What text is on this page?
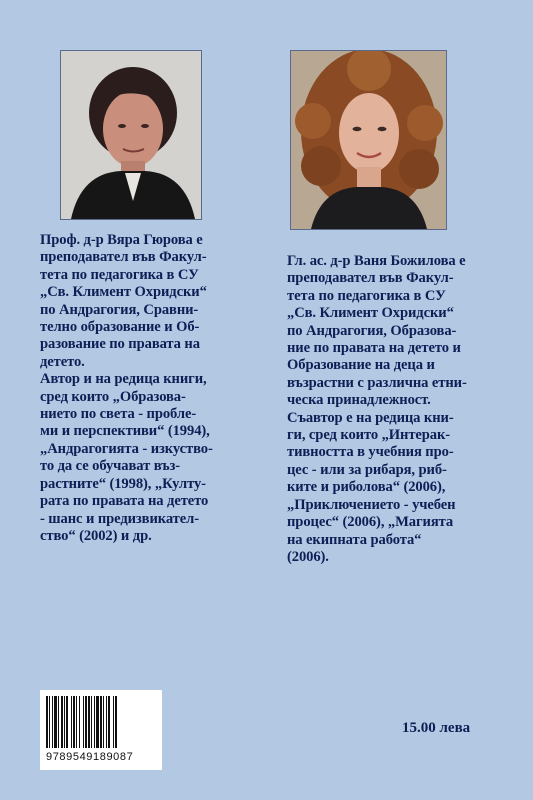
Проф. д-р Вяра Гюрова е

преподавател във Факул-

тета по педагогика в СУ

„Св. Климент Охридски“

по Андрагогия, Сравни-

телно образование и Об-

разование по правата на

детето.

Автор и на редица книги,

сред които „Образова-

нието по света - пробле-

ми и перспективи“ (1994),

„Андрагогията - изкуство-

то да се обучават въз-

растните“ (1998), „Култу-

рата по правата на детето

- шанс и предизвикател-

ство“ (2002) и др.

Гл. ас. д-р Ваня Божилова е

преподавател във Факул-

тета по педагогика в СУ

„Св. Климент Охридски“

по Андрагогия, Образова-

ние по правата на детето и

Образование на деца и

възрастни с различна етни-

ческа принадлежност.

Съавтор е на редица кни-

ги, сред които „Интерак-

тивността в учебния про-

цес - или за рибаря, риб-

ките и риболова“ (2006),

„Приключението - учебен

процес“ (2006), „Магията

на екипната работа“

(2006).

9789549189087
15.00 лева
